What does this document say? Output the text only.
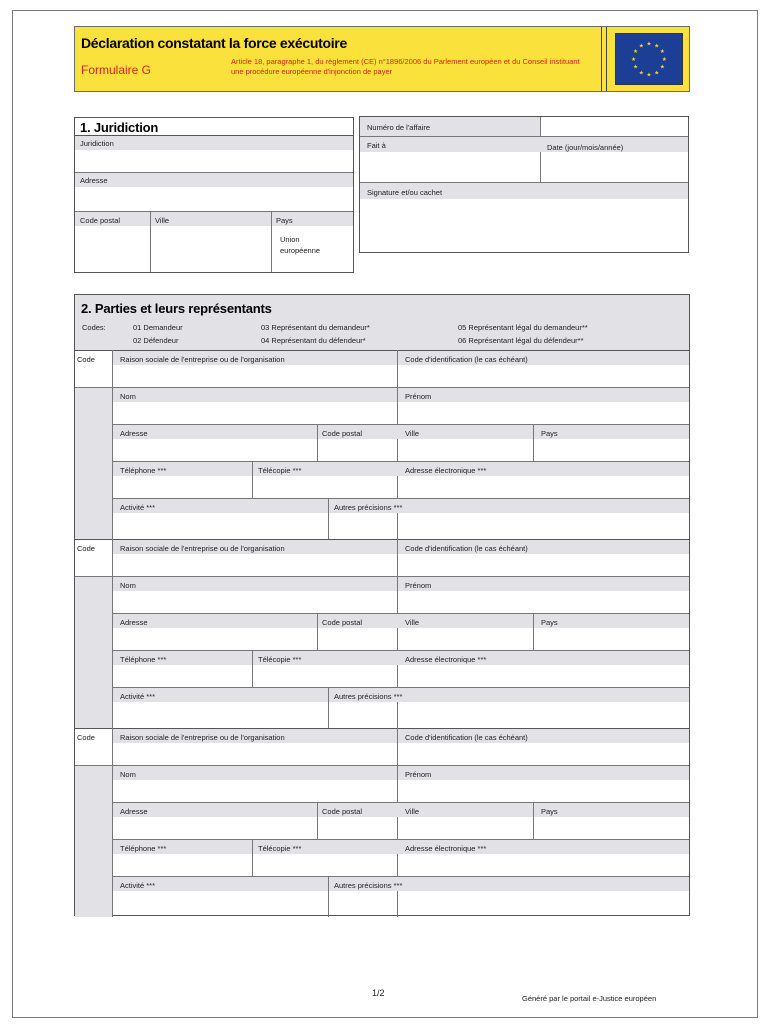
Déclaration constatant la force exécutoire
Formulaire G
Article 18, paragraphe 1, du règlement (CE) n°1896/2006 du Parlement européen et du Conseil instituant une procédure européenne d'injonction de payer
★ ★
★
★
★
★
★
★
★
★
★
★
1. Juridiction
Juridiction
Adresse
Code postal	Ville	Pays
Union européenne
Numéro de l'affaire
Fait à	Date (jour/mois/année)
Signature et/ou cachet
2. Parties et leurs représentants
Codes:	01 Demandeur
02 Défendeur
03 Représentant du demandeur*
04 Représentant du défendeur*
05 Représentant légal du demandeur**
06 Représentant légal du défendeur**
Code	Raison sociale de l'entreprise ou de l'organisation	Code d'identification (le cas échéant)
Nom	Prénom
Adresse	Code postal	Ville	Pays
Téléphone ***	Télécopie ***	Adresse électronique ***
Activité ***	Autres précisions ***
Code	Raison sociale de l'entreprise ou de l'organisation	Code d'identification (le cas échéant)
Nom	Prénom
Adresse	Code postal	Ville	Pays
Téléphone ***	Télécopie ***	Adresse électronique ***
Activité ***	Autres précisions ***
Code	Raison sociale de l'entreprise ou de l'organisation	Code d'identification (le cas échéant)
Nom	Prénom
Adresse	Code postal	Ville	Pays
Téléphone ***	Télécopie ***	Adresse électronique ***
Activité ***	Autres précisions ***
1/2
Généré par le portail e-Justice européen
